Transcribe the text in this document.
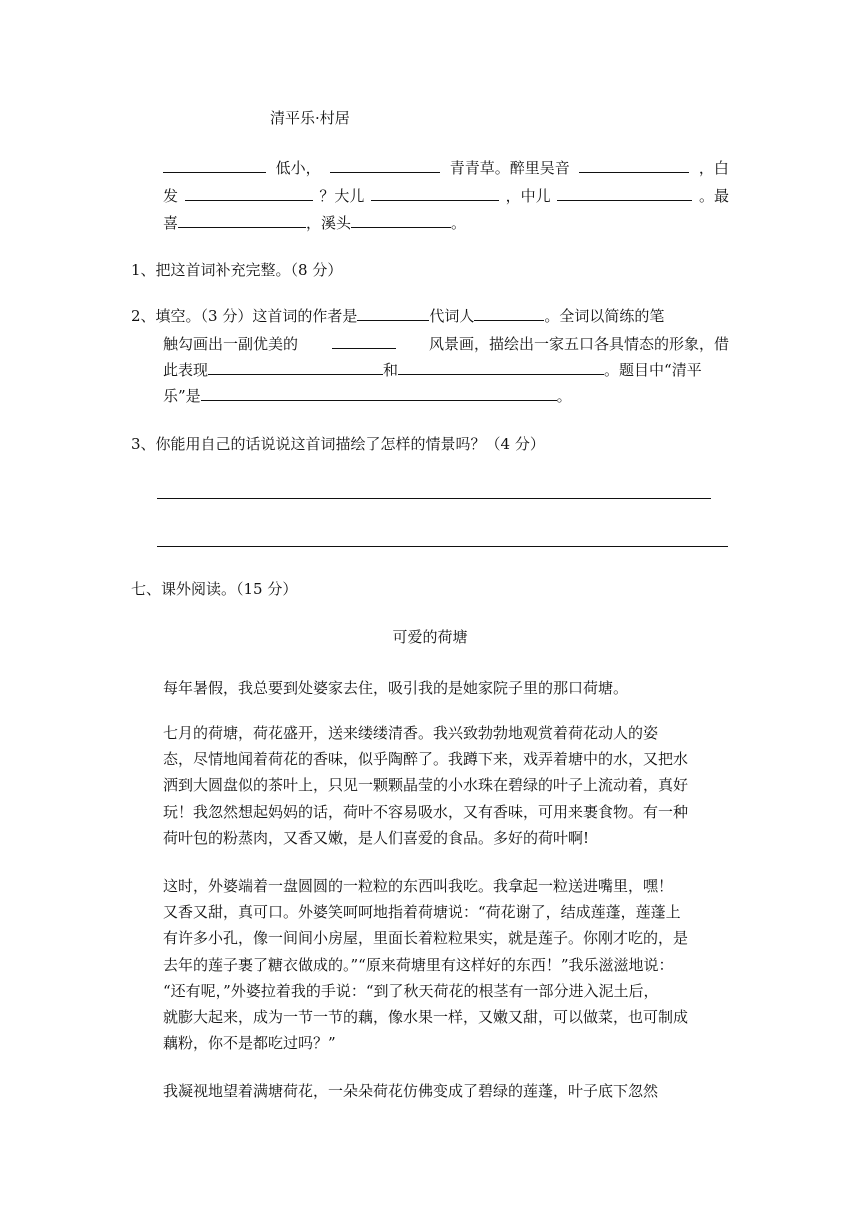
清平乐·村居
低小，	青青草。醉里吴音	，白
发	？大儿	，中儿	。最
喜	，溪头	。
1、把这首词补充完整。（8 分）
2、填空。（3 分）这首词的作者是	代词人	。全词以简练的笔
触勾画出一副优美的	风景画，描绘出一家五口各具情态的形象，借
此表现	和	。题目中“清平
乐”是	。
3、你能用自己的话说说这首词描绘了怎样的情景吗？（4 分）
七、课外阅读。（15 分）
可爱的荷塘
每年暑假，我总要到处婆家去住，吸引我的是她家院子里的那口荷塘。
七月的荷塘，荷花盛开，送来缕缕清香。我兴致勃勃地观赏着荷花动人的姿
态，尽情地闻着荷花的香味，似乎陶醉了。我蹲下来，戏弄着塘中的水，又把水
洒到大圆盘似的茶叶上，只见一颗颗晶莹的小水珠在碧绿的叶子上流动着，真好
玩！我忽然想起妈妈的话，荷叶不容易吸水，又有香味，可用来裹食物。有一种
荷叶包的粉蒸肉，又香又嫩，是人们喜爱的食品。多好的荷叶啊!
这时，外婆端着一盘圆圆的一粒粒的东西叫我吃。我拿起一粒送进嘴里，嘿！
又香又甜，真可口。外婆笑呵呵地指着荷塘说：“荷花谢了，结成莲蓬，莲蓬上
有许多小孔，像一间间小房屋，里面长着粒粒果实，就是莲子。你刚才吃的，是
去年的莲子裹了糖衣做成的。”“原来荷塘里有这样好的东西！”我乐滋滋地说：
“还有呢，”外婆拉着我的手说：“到了秋天荷花的根茎有一部分进入泥土后，
就膨大起来，成为一节一节的藕，像水果一样，又嫩又甜，可以做菜，也可制成
藕粉，你不是都吃过吗？”
我凝视地望着满塘荷花，一朵朵荷花仿佛变成了碧绿的莲蓬，叶子底下忽然
